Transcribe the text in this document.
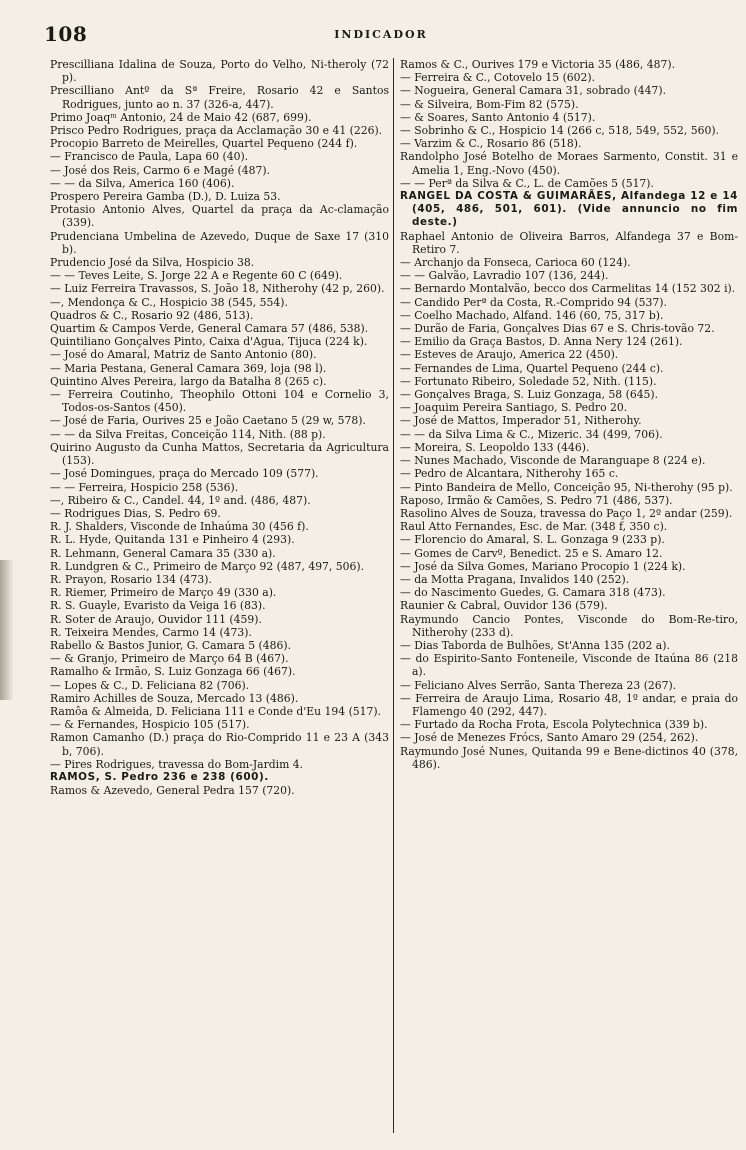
108	INDICADOR
Prescilliana Idalina de Souza, Porto do Velho, Ni-theroly (72 p).
Prescilliano Antº da Sª Freire, Rosario 42 e Santos Rodrigues, junto ao n. 37 (326-a, 447).
Primo Joaqᵐ Antonio, 24 de Maio 42 (687, 699).
Prisco Pedro Rodrigues, praça da Acclamação 30 e 41 (226).
Procopio Barreto de Meirelles, Quartel Pequeno (244 f).
— Francisco de Paula, Lapa 60 (40).
— José dos Reis, Carmo 6 e Magé (487).
— — da Silva, America 160 (406).
Prospero Pereira Gamba (D.), D. Luiza 53.
Protasio Antonio Alves, Quartel da praça da Ac-clamação (339).
Prudenciana Umbelina de Azevedo, Duque de Saxe 17 (310 b).
Prudencio José da Silva, Hospicio 38.
— — Teves Leite, S. Jorge 22 A e Regente 60 C (649).
— Luiz Ferreira Travassos, S. João 18, Nitherohy (42 p, 260).
—, Mendonça & C., Hospicio 38 (545, 554).
Quadros & C., Rosario 92 (486, 513).
Quartim & Campos Verde, General Camara 57 (486, 538).
Quintiliano Gonçalves Pinto, Caixa d'Agua, Tijuca (224 k).
— José do Amaral, Matriz de Santo Antonio (80).
— Maria Pestana, General Camara 369, loja (98 l).
Quintino Alves Pereira, largo da Batalha 8 (265 c).
— Ferreira Coutinho, Theophilo Ottoni 104 e Cornelio 3, Todos-os-Santos (450).
— José de Faria, Ourives 25 e João Caetano 5 (29 w, 578).
— — da Silva Freitas, Conceição 114, Nith. (88 p).
Quirino Augusto da Cunha Mattos, Secretaria da Agricultura (153).
— José Domingues, praça do Mercado 109 (577).
— — Ferreira, Hospicio 258 (536).
—, Ribeiro & C., Candel. 44, 1º and. (486, 487).
— Rodrigues Dias, S. Pedro 69.
R. J. Shalders, Visconde de Inhaúma 30 (456 f).
R. L. Hyde, Quitanda 131 e Pinheiro 4 (293).
R. Lehmann, General Camara 35 (330 a).
R. Lundgren & C., Primeiro de Março 92 (487, 497, 506).
R. Prayon, Rosario 134 (473).
R. Riemer, Primeiro de Março 49 (330 a).
R. S. Guayle, Evaristo da Veiga 16 (83).
R. Soter de Araujo, Ouvidor 111 (459).
R. Teixeira Mendes, Carmo 14 (473).
Rabello & Bastos Junior, G. Camara 5 (486).
— & Granjo, Primeiro de Março 64 B (467).
Ramalho & Irmão, S. Luiz Gonzaga 66 (467).
— Lopes & C., D. Feliciana 82 (706).
Ramiro Achilles de Souza, Mercado 13 (486).
Ramôa & Almeida, D. Feliciana 111 e Conde d'Eu 194 (517).
— & Fernandes, Hospicio 105 (517).
Ramon Camanho (D.) praça do Rio-Comprido 11 e 23 A (343 b, 706).
— Pires Rodrigues, travessa do Bom-Jardim 4.
RAMOS, S. Pedro 236 e 238 (600).
Ramos & Azevedo, General Pedra 157 (720).
Ramos & C., Ourives 179 e Victoria 35 (486, 487).
— Ferreira & C., Cotovelo 15 (602).
— Nogueira, General Camara 31, sobrado (447).
— & Silveira, Bom-Fim 82 (575).
— & Soares, Santo Antonio 4 (517).
— Sobrinho & C., Hospicio 14 (266 c, 518, 549, 552, 560).
— Varzim & C., Rosario 86 (518).
Randolpho José Botelho de Moraes Sarmento, Constit. 31 e Amelia 1, Eng.-Novo (450).
— — Perª da Silva & C., L. de Camões 5 (517).
RANGEL DA COSTA & GUIMARÃES, Alfandega 12 e 14 (405, 486, 501, 601). (Vide annuncio no fim deste.)
Raphael Antonio de Oliveira Barros, Alfandega 37 e Bom-Retiro 7.
— Archanjo da Fonseca, Carioca 60 (124).
— — Galvão, Lavradio 107 (136, 244).
— Bernardo Montalvão, becco dos Carmelitas 14 (152 302 i).
— Candido Perª da Costa, R.-Comprido 94 (537).
— Coelho Machado, Alfand. 146 (60, 75, 317 b).
— Durão de Faria, Gonçalves Dias 67 e S. Chris-tovão 72.
— Emilio da Graça Bastos, D. Anna Nery 124 (261).
— Esteves de Araujo, America 22 (450).
— Fernandes de Lima, Quartel Pequeno (244 c).
— Fortunato Ribeiro, Soledade 52, Nith. (115).
— Gonçalves Braga, S. Luiz Gonzaga, 58 (645).
— Joaquim Pereira Santiago, S. Pedro 20.
— José de Mattos, Imperador 51, Nitherohy.
— — da Silva Lima & C., Mizeric. 34 (499, 706).
— Moreira, S. Leopoldo 133 (446).
— Nunes Machado, Visconde de Maranguape 8 (224 e).
— Pedro de Alcantara, Nitherohy 165 c.
— Pinto Bandeira de Mello, Conceição 95, Ni-therohy (95 p).
Raposo, Irmão & Camões, S. Pedro 71 (486, 537).
Rasolino Alves de Souza, travessa do Paço 1, 2º andar (259).
Raul Atto Fernandes, Esc. de Mar. (348 f, 350 c).
— Florencio do Amaral, S. L. Gonzaga 9 (233 p).
— Gomes de Carvº, Benedict. 25 e S. Amaro 12.
— José da Silva Gomes, Mariano Procopio 1 (224 k).
— da Motta Pragana, Invalidos 140 (252).
— do Nascimento Guedes, G. Camara 318 (473).
Raunier & Cabral, Ouvidor 136 (579).
Raymundo Cancio Pontes, Visconde do Bom-Re-tiro, Nitherohy (233 d).
— Dias Taborda de Bulhões, St'Anna 135 (202 a).
— do Espirito-Santo Fonteneile, Visconde de Itaúna 86 (218 a).
— Feliciano Alves Serrão, Santa Thereza 23 (267).
— Ferreira de Araujo Lima, Rosario 48, 1º andar, e praia do Flamengo 40 (292, 447).
— Furtado da Rocha Frota, Escola Polytechnica (339 b).
— José de Menezes Frócs, Santo Amaro 29 (254, 262).
Raymundo José Nunes, Quitanda 99 e Bene-dictinos 40 (378, 486).
